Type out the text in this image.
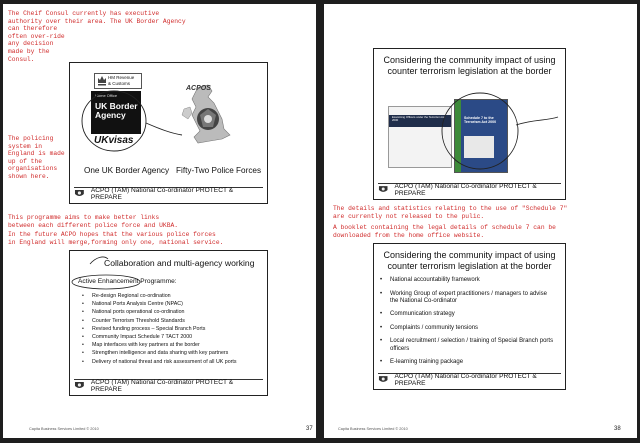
The Cheif Consul currently has executive
authority over their area. The UK Border Agency
can therefore
often over-ride
any decision
made by the
Consul.
The policing
system in
England is made
up of the
organisations
shown here.
This programme aims to make better links
between each different police force and UKBA.
In the future ACPO hopes that the various police forces
in England will merge,forming only one, national service.
HM Revenue
& Customs
Home Office
UK Border
Agency
UKvisas
ACPOS
One UK Border Agency Fifty-Two Police Forces
ACPO (TAM) National Co-ordinator PROTECT & PREPARE
Collaboration and multi-agency working
Active Enhancement Programme:
• Re-design Regional co-ordination
• National Ports Analysis Centre (NPAC)
• National ports operational co-ordination
• Counter Terrorism Threshold Standards
• Revised funding process – Special Branch Ports
• Community Impact Schedule 7 TACT 2000
• Map interfaces with key partners at the border
• Strengthen intelligence and data sharing with key partners
• Delivery of national threat and risk assessment of all UK ports
ACPO (TAM) National Co-ordinator PROTECT & PREPARE
Capita Business Services Limited © 2010	37
Considering the community impact of using
counter terrorism legislation at the border
Examining Officers under the Terrorism Act 2000
Schedule 7 to the Terrorism Act 2000
ACPO (TAM) National Co-ordinator PROTECT & PREPARE
The details and statistics relating to the use of "Schedule 7"
are currently not released to the pulic.
A booklet containing the legal details of schedule 7 can be
downloaded from the home office website.
Considering the community impact of using
counter terrorism legislation at the border
• National accountability framework
• Working Group of expert practitioners / managers to advise the National Co-ordinator
• Communication strategy
• Complaints / community tensions
• Local recruitment / selection / training of Special Branch ports officers
• E-learning training package
ACPO (TAM) National Co-ordinator PROTECT & PREPARE
Capita Business Services Limited © 2010	38
